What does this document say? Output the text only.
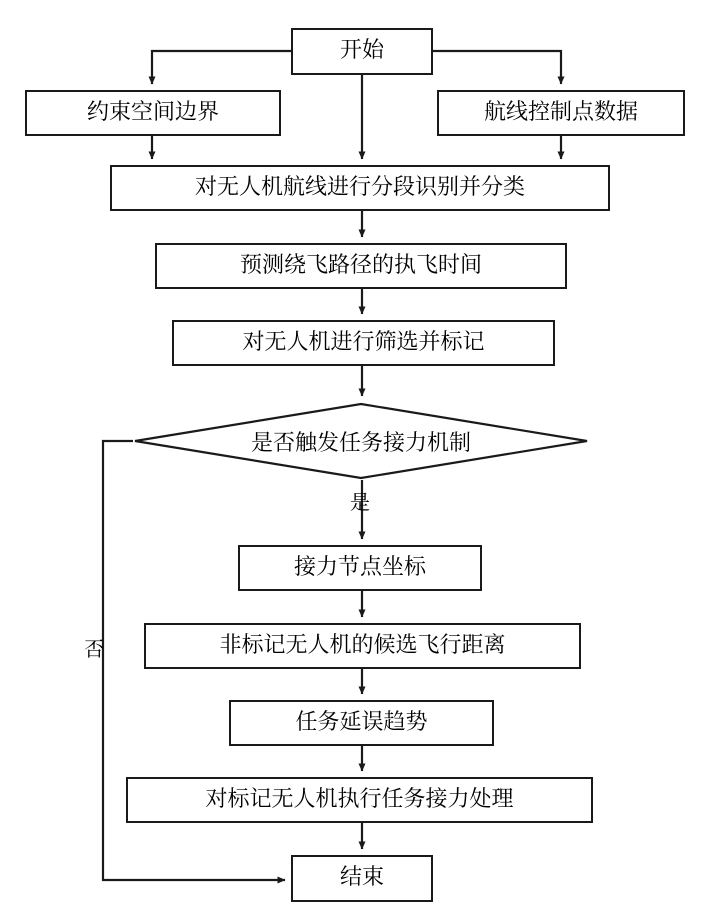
开始
约束空间边界	航线控制点数据
对无人机航线进行分段识别并分类
预测绕飞路径的执飞时间
对无人机进行筛选并标记
是否触发任务接力机制
接力节点坐标
非标记无人机的候选飞行距离
任务延误趋势
对标记无人机执行任务接力处理
结束
是
否
